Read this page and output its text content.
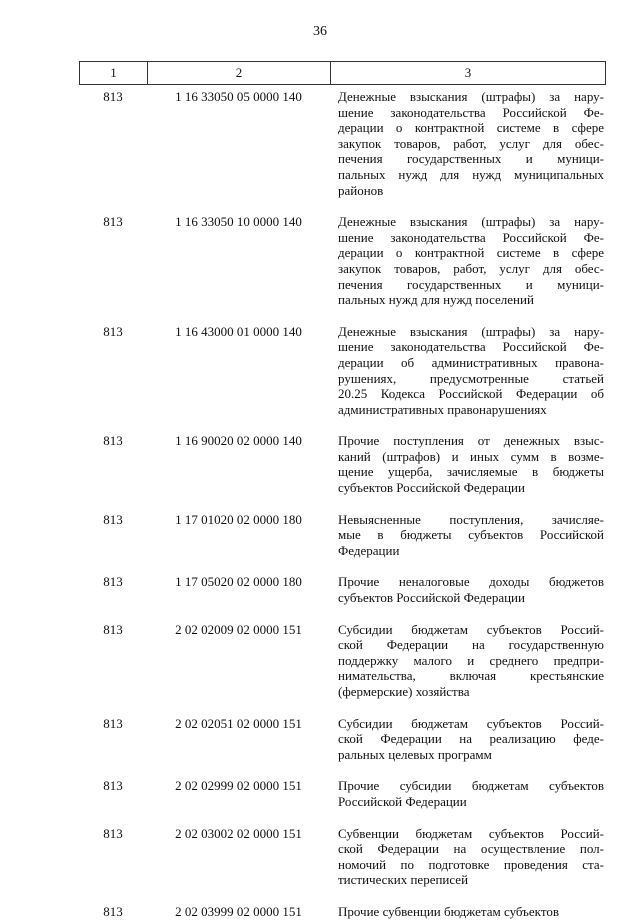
36
1	2	3
813	1 16 33050 05 0000 140	Денежные взыскания (штрафы) за нару-
шение законодательства Российской Фе-
дерации о контрактной системе в сфере
закупок товаров, работ, услуг для обес-
печения государственных и муници-
пальных нужд для нужд муниципальных
районов
813	1 16 33050 10 0000 140	Денежные взыскания (штрафы) за нару-
шение законодательства Российской Фе-
дерации о контрактной системе в сфере
закупок товаров, работ, услуг для обес-
печения государственных и муници-
пальных нужд для нужд поселений
813	1 16 43000 01 0000 140	Денежные взыскания (штрафы) за нару-
шение законодательства Российской Фе-
дерации об административных правона-
рушениях, предусмотренные статьей
20.25 Кодекса Российской Федерации об
административных правонарушениях
813	1 16 90020 02 0000 140	Прочие поступления от денежных взыс-
каний (штрафов) и иных сумм в возме-
щение ущерба, зачисляемые в бюджеты
субъектов Российской Федерации
813	1 17 01020 02 0000 180	Невыясненные поступления, зачисляе-
мые в бюджеты субъектов Российской
Федерации
813	1 17 05020 02 0000 180	Прочие неналоговые доходы бюджетов
субъектов Российской Федерации
813	2 02 02009 02 0000 151	Субсидии бюджетам субъектов Россий-
ской Федерации на государственную
поддержку малого и среднего предпри-
нимательства, включая крестьянские
(фермерские) хозяйства
813	2 02 02051 02 0000 151	Субсидии бюджетам субъектов Россий-
ской Федерации на реализацию феде-
ральных целевых программ
813	2 02 02999 02 0000 151	Прочие субсидии бюджетам субъектов
Российской Федерации
813	2 02 03002 02 0000 151	Субвенции бюджетам субъектов Россий-
ской Федерации на осуществление пол-
номочий по подготовке проведения ста-
тистических переписей
813	2 02 03999 02 0000 151	Прочие субвенции бюджетам субъектов
